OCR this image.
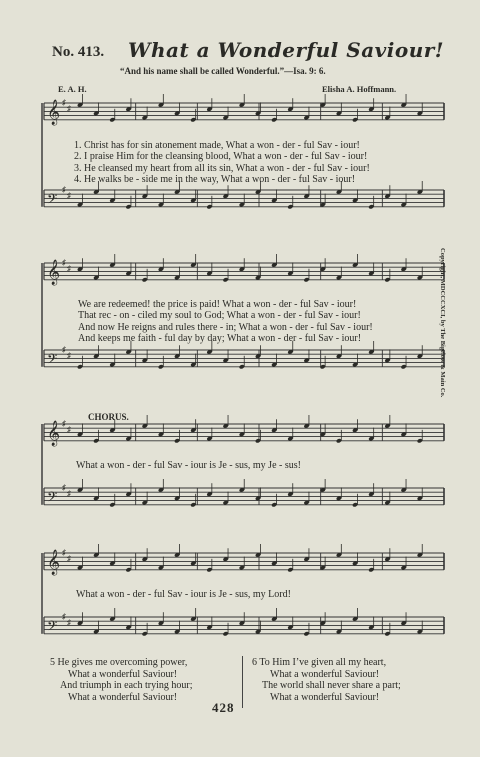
No. 413. What a Wonderful Saviour!
“And his name shall be called Wonderful.”—Isa. 9: 6.
E. A. H.	Elisha A. Hoffmann.
𝄞 ♯
♯
𝄢
♯
♯
𝄞 ♯
♯
𝄢
♯
♯
𝄞 ♯
♯
𝄢
♯
♯
𝄞 ♯
♯
𝄢
♯
♯
1. Christ has for sin atonement made, What a won - der - ful Sav - iour!
2. I praise Him for the cleansing blood, What a won - der - ful Sav - iour!
3. He cleansed my heart from all its sin, What a won - der - ful Sav - iour!
4. He walks be - side me in the way, What a won - der - ful Sav - iour!
We are redeemed! the price is paid! What a won - der - ful Sav - iour!
That rec - on - ciled my soul to God; What a won - der - ful Sav - iour!
And now He reigns and rules there - in; What a won - der - ful Sav - iour!
And keeps me faith - ful day by day; What a won - der - ful Sav - iour!
CHORUS.
What a won - der - ful Sav - iour is Je - sus, my Je - sus!
What a won - der - ful Sav - iour is Je - sus, my Lord!
5 He gives me overcoming power,
What a wonderful Saviour!
And triumph in each trying hour;
What a wonderful Saviour!
6 To Him I’ve given all my heart,
What a wonderful Saviour!
The world shall never share a part;
What a wonderful Saviour!
Copyright, MDCCCXCI, by The Bigelow & Main Co.
428
